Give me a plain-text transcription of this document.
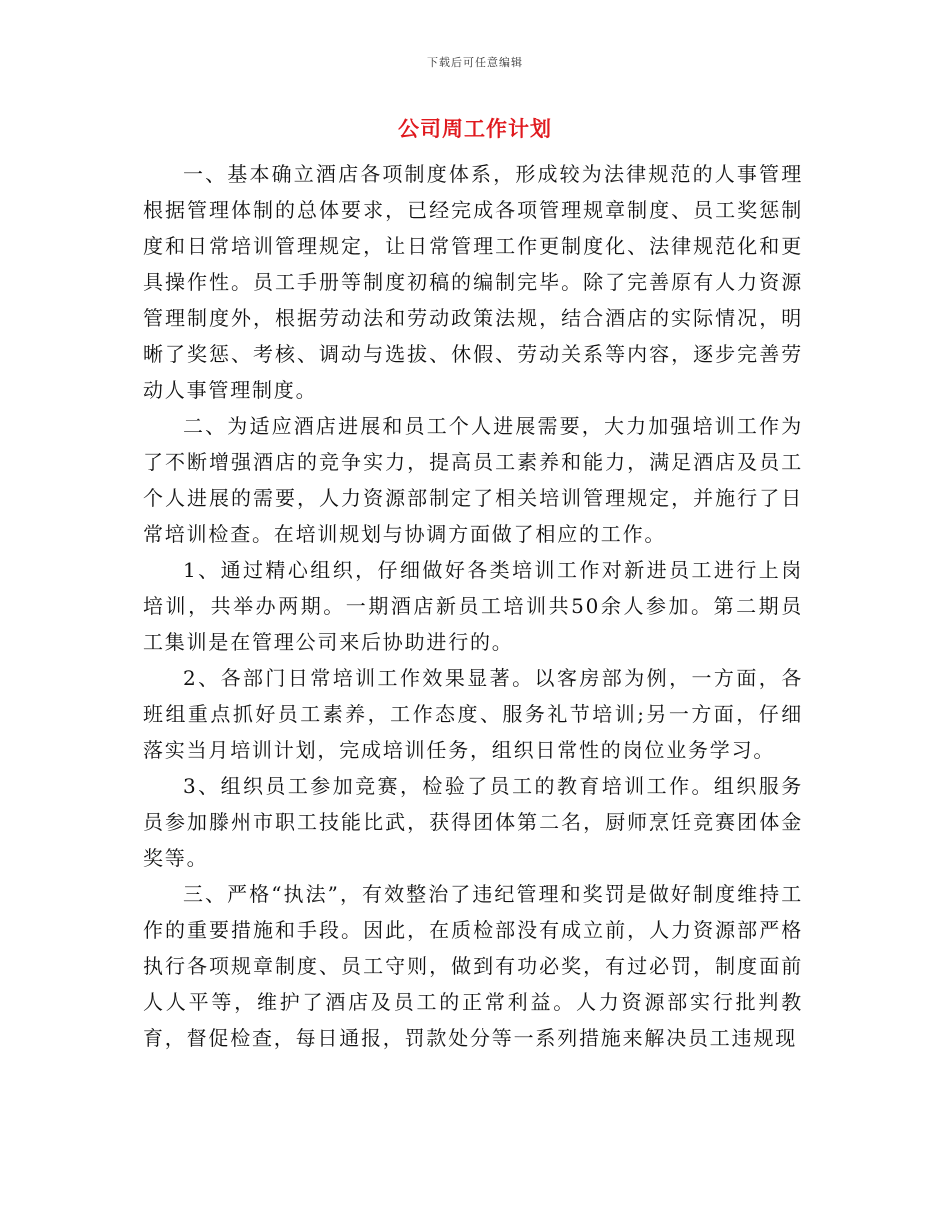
下载后可任意编辑
公司周工作计划

一、基本确立酒店各项制度体系，形成较为法律规范的人事管理根据管理体制的总体要求，已经完成各项管理规章制度、员工奖惩制度和日常培训管理规定，让日常管理工作更制度化、法律规范化和更具操作性。员工手册等制度初稿的编制完毕。除了完善原有人力资源管理制度外，根据劳动法和劳动政策法规，结合酒店的实际情况，明晰了奖惩、考核、调动与选拔、休假、劳动关系等内容，逐步完善劳动人事管理制度。

二、为适应酒店进展和员工个人进展需要，大力加强培训工作为了不断增强酒店的竞争实力，提高员工素养和能力，满足酒店及员工个人进展的需要，人力资源部制定了相关培训管理规定，并施行了日常培训检查。在培训规划与协调方面做了相应的工作。

1、通过精心组织，仔细做好各类培训工作对新进员工进行上岗培训，共举办两期。一期酒店新员工培训共50余人参加。第二期员工集训是在管理公司来后协助进行的。

2、各部门日常培训工作效果显著。以客房部为例，一方面，各班组重点抓好员工素养，工作态度、服务礼节培训;另一方面，仔细落实当月培训计划，完成培训任务，组织日常性的岗位业务学习。

3、组织员工参加竞赛，检验了员工的教育培训工作。组织服务员参加滕州市职工技能比武，获得团体第二名，厨师烹饪竞赛团体金奖等。

三、严格“执法”，有效整治了违纪管理和奖罚是做好制度维持工作的重要措施和手段。因此，在质检部没有成立前，人力资源部严格执行各项规章制度、员工守则，做到有功必奖，有过必罚，制度面前人人平等，维护了酒店及员工的正常利益。人力资源部实行批判教育，督促检查，每日通报，罚款处分等一系列措施来解决员工违规现
